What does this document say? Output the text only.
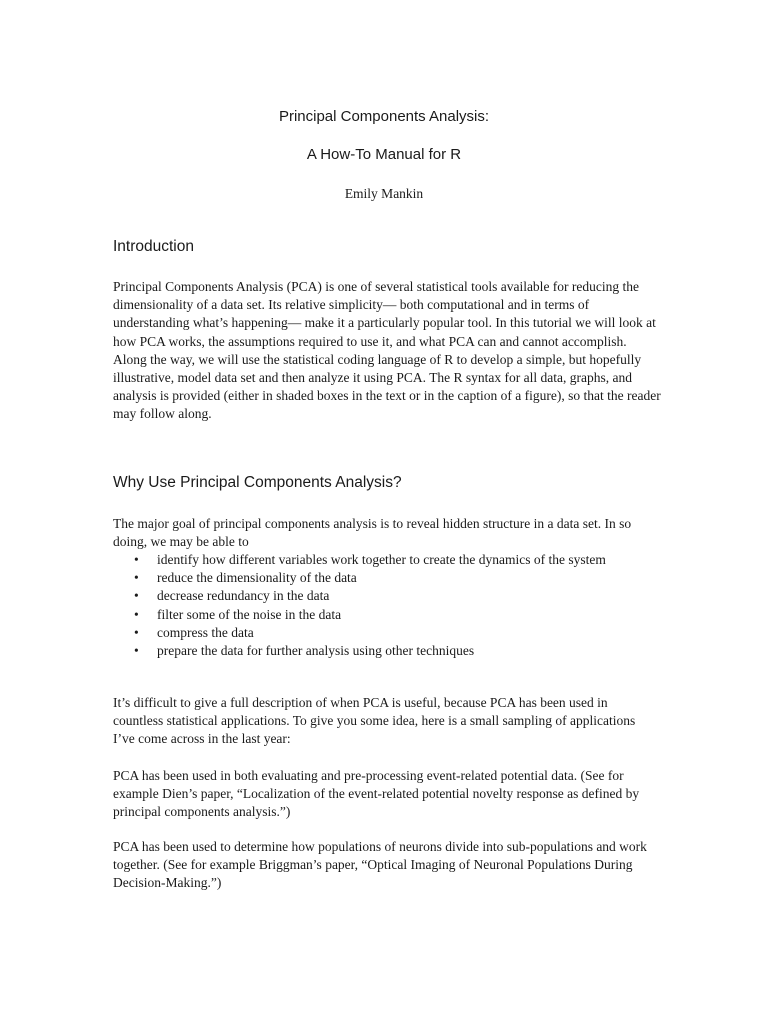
Principal Components Analysis:
A How-To Manual for R

Emily Mankin

Introduction

Principal Components Analysis (PCA) is one of several statistical tools available for reducing the dimensionality of a data set. Its relative simplicity— both computational and in terms of understanding what’s happening— make it a particularly popular tool. In this tutorial we will look at how PCA works, the assumptions required to use it, and what PCA can and cannot accomplish. Along the way, we will use the statistical coding language of R to develop a simple, but hopefully illustrative, model data set and then analyze it using PCA. The R syntax for all data, graphs, and analysis is provided (either in shaded boxes in the text or in the caption of a figure), so that the reader may follow along.

Why Use Principal Components Analysis?

The major goal of principal components analysis is to reveal hidden structure in a data set. In so doing, we may be able to

• identify how different variables work together to create the dynamics of the system
• reduce the dimensionality of the data
• decrease redundancy in the data
• filter some of the noise in the data
• compress the data
• prepare the data for further analysis using other techniques

It’s difficult to give a full description of when PCA is useful, because PCA has been used in countless statistical applications. To give you some idea, here is a small sampling of applications I’ve come across in the last year:

PCA has been used in both evaluating and pre-processing event-related potential data. (See for example Dien’s paper, “Localization of the event-related potential novelty response as defined by principal components analysis.”)

PCA has been used to determine how populations of neurons divide into sub-populations and work together. (See for example Briggman’s paper, “Optical Imaging of Neuronal Populations During Decision-Making.”)
